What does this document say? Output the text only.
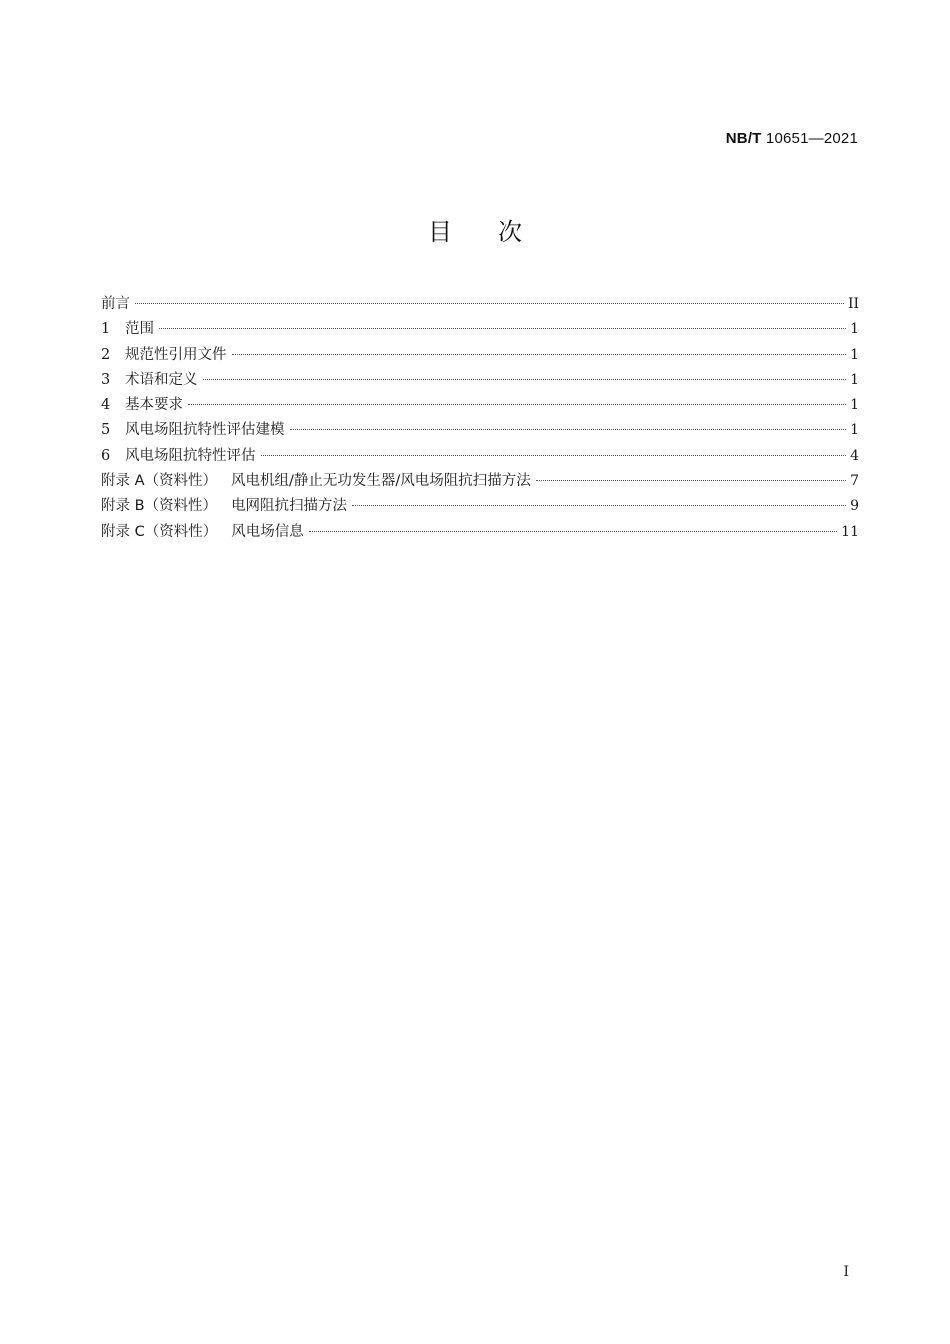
NB/T 10651—2021
目次
前言	II
1	范围	1
2	规范性引用文件	1
3	术语和定义	1
4	基本要求	1
5	风电场阻抗特性评估建模	1
6	风电场阻抗特性评估	4
附录 A（资料性） 风电机组/静止无功发生器/风电场阻抗扫描方法	7
附录 B（资料性） 电网阻抗扫描方法	9
附录 C（资料性） 风电场信息	11
I
